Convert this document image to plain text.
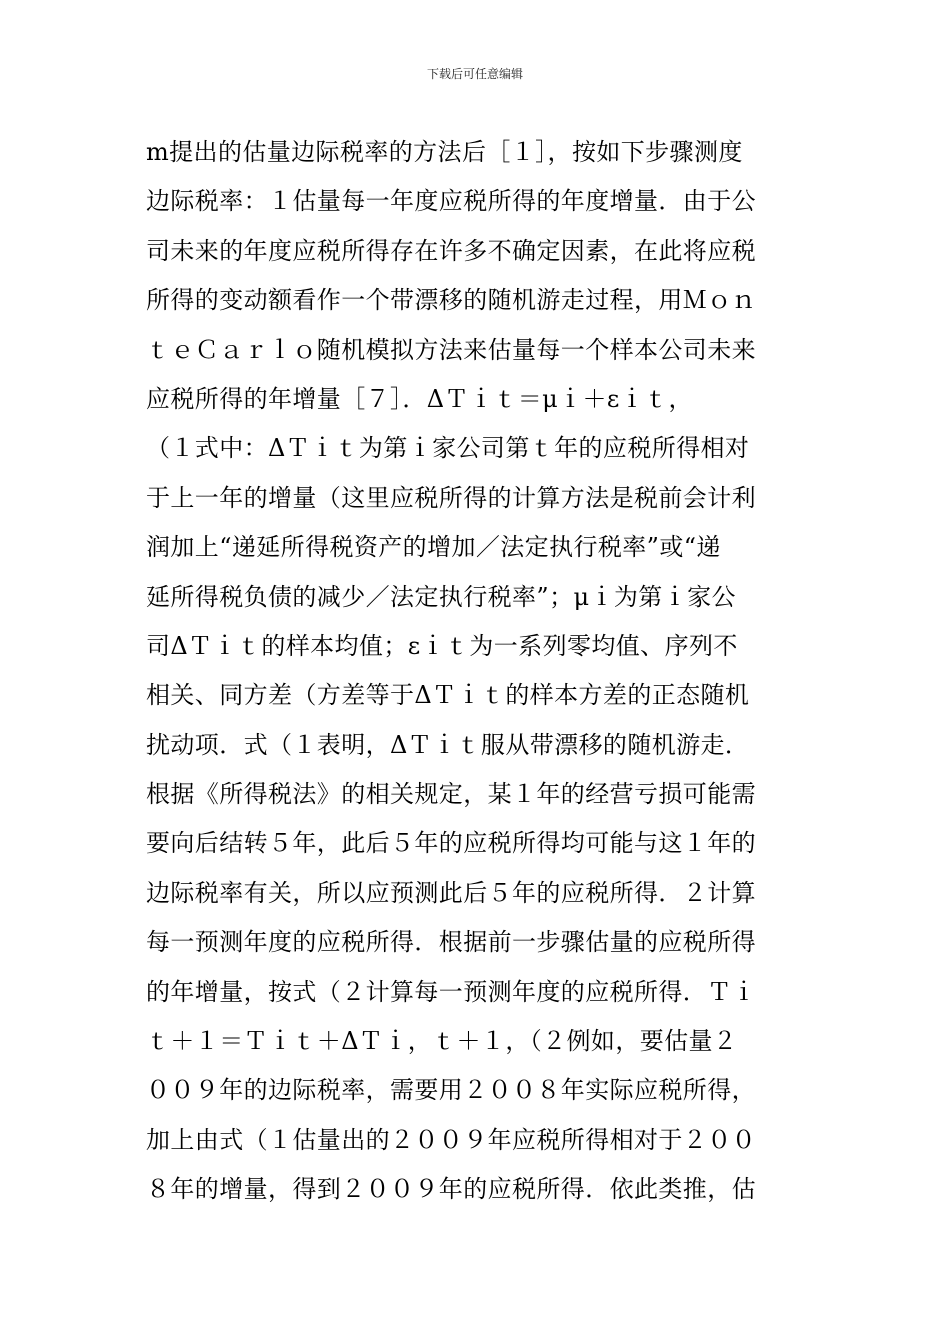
下载后可任意编辑
m提出的估量边际税率的方法后［１］，按如下步骤测度
边际税率：１估量每一年度应税所得的年度增量．由于公
司未来的年度应税所得存在许多不确定因素，在此将应税
所得的变动额看作一个带漂移的随机游走过程，用Ｍｏｎ
ｔｅＣａｒｌｏ随机模拟方法来估量每一个样本公司未来
应税所得的年增量［７］．ΔＴｉｔ＝μｉ＋εｉｔ，
（１式中：ΔＴｉｔ为第ｉ家公司第ｔ年的应税所得相对
于上一年的增量（这里应税所得的计算方法是税前会计利
润加上“递延所得税资产的增加／法定执行税率”或“递
延所得税负债的减少／法定执行税率”；μｉ为第ｉ家公
司ΔＴｉｔ的样本均值；εｉｔ为一系列零均值、序列不
相关、同方差（方差等于ΔＴｉｔ的样本方差的正态随机
扰动项．式（１表明，ΔＴｉｔ服从带漂移的随机游走．
根据《所得税法》的相关规定，某１年的经营亏损可能需
要向后结转５年，此后５年的应税所得均可能与这１年的
边际税率有关，所以应预测此后５年的应税所得．２计算
每一预测年度的应税所得．根据前一步骤估量的应税所得
的年增量，按式（２计算每一预测年度的应税所得．Ｔｉ
ｔ＋１＝Ｔｉｔ＋ΔＴｉ，ｔ＋１，（２例如，要估量２
００９年的边际税率，需要用２００８年实际应税所得，
加上由式（１估量出的２００９年应税所得相对于２００
８年的增量，得到２００９年的应税所得．依此类推，估
